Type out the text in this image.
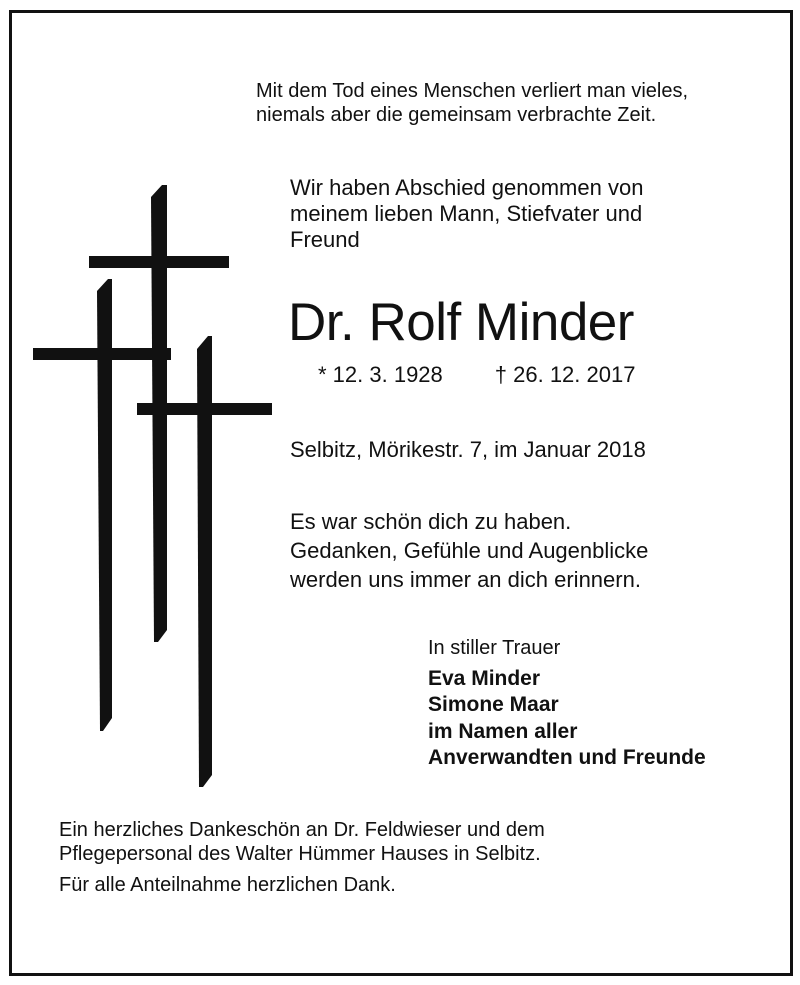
Mit dem Tod eines Menschen verliert man vieles,
niemals aber die gemeinsam verbrachte Zeit.
Wir haben Abschied genommen von
meinem lieben Mann, Stiefvater und
Freund
Dr. Rolf Minder
* 12. 3. 1928 † 26. 12. 2017
Selbitz, Mörikestr. 7, im Januar 2018
Es war schön dich zu haben.
Gedanken, Gefühle und Augenblicke
werden uns immer an dich erinnern.
In stiller Trauer
Eva Minder
Simone Maar
im Namen aller
Anverwandten und Freunde
Ein herzliches Dankeschön an Dr. Feldwieser und dem
Pflegepersonal des Walter Hümmer Hauses in Selbitz.
Für alle Anteilnahme herzlichen Dank.
